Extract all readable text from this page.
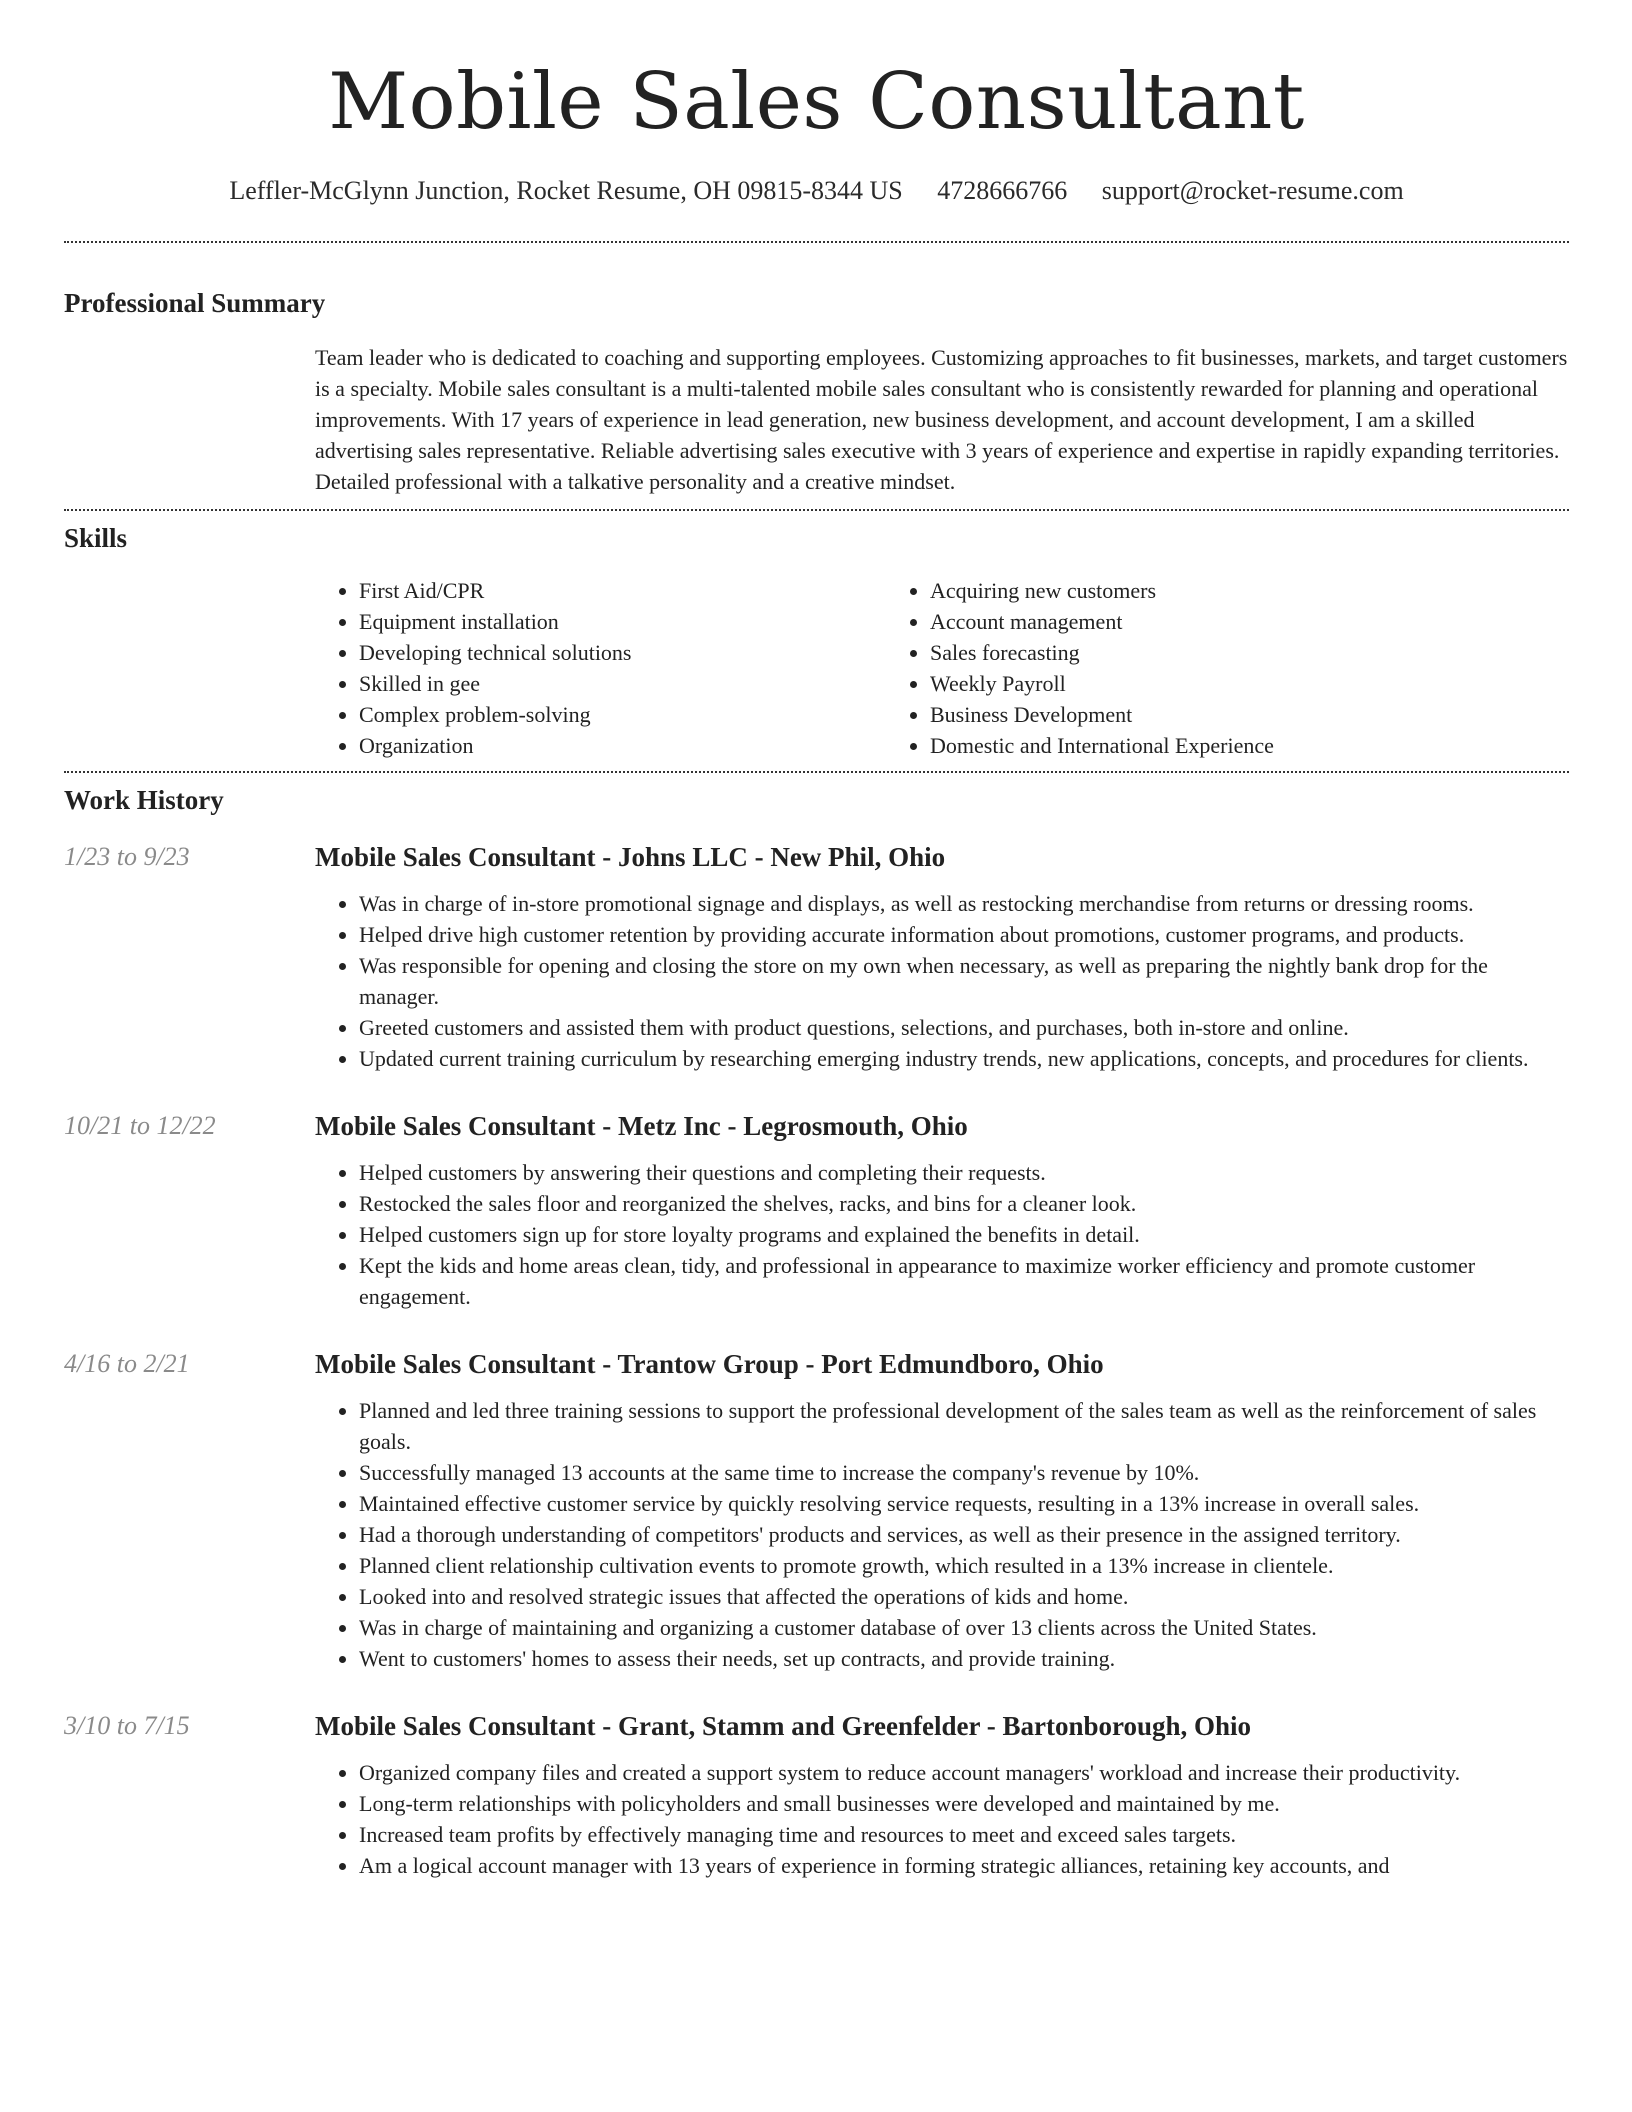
Mobile Sales Consultant
Leffler-McGlynn Junction, Rocket Resume, OH 09815-8344 US 4728666766 support@rocket-resume.com
Professional Summary
Team leader who is dedicated to coaching and supporting employees. Customizing approaches to fit businesses, markets, and target customers is a specialty. Mobile sales consultant is a multi-talented mobile sales consultant who is consistently rewarded for planning and operational improvements. With 17 years of experience in lead generation, new business development, and account development, I am a skilled advertising sales representative. Reliable advertising sales executive with 3 years of experience and expertise in rapidly expanding territories. Detailed professional with a talkative personality and a creative mindset.
Skills
• First Aid/CPR
• Equipment installation
• Developing technical solutions
• Skilled in gee
• Complex problem-solving
• Organization
• Acquiring new customers
• Account management
• Sales forecasting
• Weekly Payroll
• Business Development
• Domestic and International Experience
Work History
1/23 to 9/23	Mobile Sales Consultant - Johns LLC - New Phil, Ohio
• Was in charge of in-store promotional signage and displays, as well as restocking merchandise from returns or dressing rooms.
• Helped drive high customer retention by providing accurate information about promotions, customer programs, and products.
• Was responsible for opening and closing the store on my own when necessary, as well as preparing the nightly bank drop for the manager.
• Greeted customers and assisted them with product questions, selections, and purchases, both in-store and online.
• Updated current training curriculum by researching emerging industry trends, new applications, concepts, and procedures for clients.
10/21 to 12/22	Mobile Sales Consultant - Metz Inc - Legrosmouth, Ohio
• Helped customers by answering their questions and completing their requests.
• Restocked the sales floor and reorganized the shelves, racks, and bins for a cleaner look.
• Helped customers sign up for store loyalty programs and explained the benefits in detail.
• Kept the kids and home areas clean, tidy, and professional in appearance to maximize worker efficiency and promote customer engagement.
4/16 to 2/21	Mobile Sales Consultant - Trantow Group - Port Edmundboro, Ohio
• Planned and led three training sessions to support the professional development of the sales team as well as the reinforcement of sales goals.
• Successfully managed 13 accounts at the same time to increase the company's revenue by 10%.
• Maintained effective customer service by quickly resolving service requests, resulting in a 13% increase in overall sales.
• Had a thorough understanding of competitors' products and services, as well as their presence in the assigned territory.
• Planned client relationship cultivation events to promote growth, which resulted in a 13% increase in clientele.
• Looked into and resolved strategic issues that affected the operations of kids and home.
• Was in charge of maintaining and organizing a customer database of over 13 clients across the United States.
• Went to customers' homes to assess their needs, set up contracts, and provide training.
3/10 to 7/15	Mobile Sales Consultant - Grant, Stamm and Greenfelder - Bartonborough, Ohio
• Organized company files and created a support system to reduce account managers' workload and increase their productivity.
• Long-term relationships with policyholders and small businesses were developed and maintained by me.
• Increased team profits by effectively managing time and resources to meet and exceed sales targets.
• Am a logical account manager with 13 years of experience in forming strategic alliances, retaining key accounts, and
